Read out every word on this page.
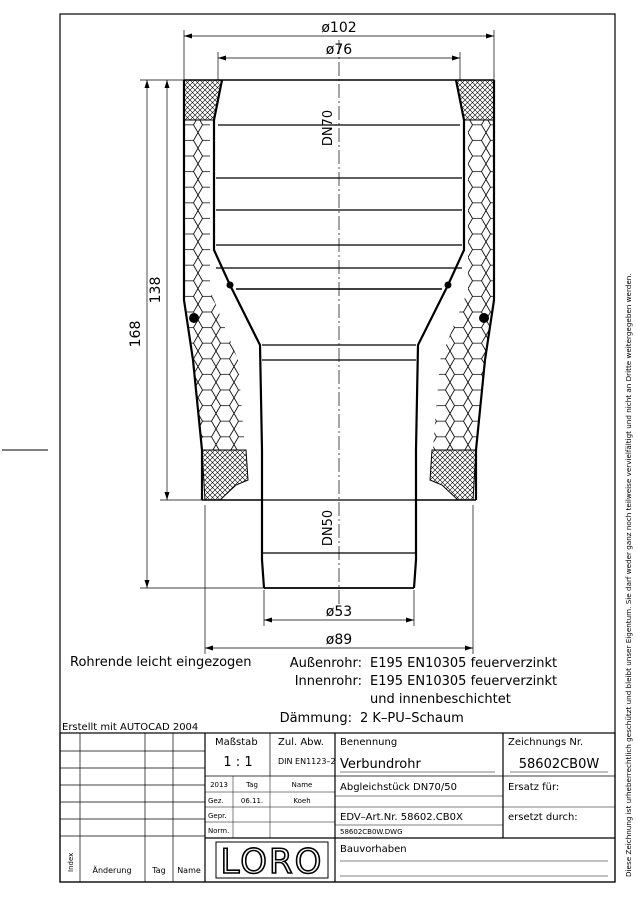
ø102
ø76
ø53
ø89
168
138
DN70
DN50
Rohrende leicht eingezogen	Außenrohr: E195 EN10305 feuerverzinkt
Innenrohr: E195 EN10305 feuerverzinkt
und innenbeschichtet
Dämmung: 2 K–PU–Schaum
Erstellt mit AUTOCAD 2004
Index Änderung	Tag Name
Maßstab
1 : 1
Zul. Abw.
DIN EN1123–2
2013	Tag	Name
Gez. 06.11.	Koeh
Gepr.
Norm.
Benennung
Verbundrohr
Zeichnungs Nr.
58602CB0W
Abgleichstück DN70/50	Ersatz für:
EDV–Art.Nr. 58602.CB0X	ersetzt durch:
58602CB0W.DWG
Bauvorhaben
LORO	Diese Zeichnung ist urheberrechtlich geschützt und bleibt unser Eigentum. Sie darf weder ganz noch teilweise vervielfältigt und nicht an Dritte weitergegeben werden.
